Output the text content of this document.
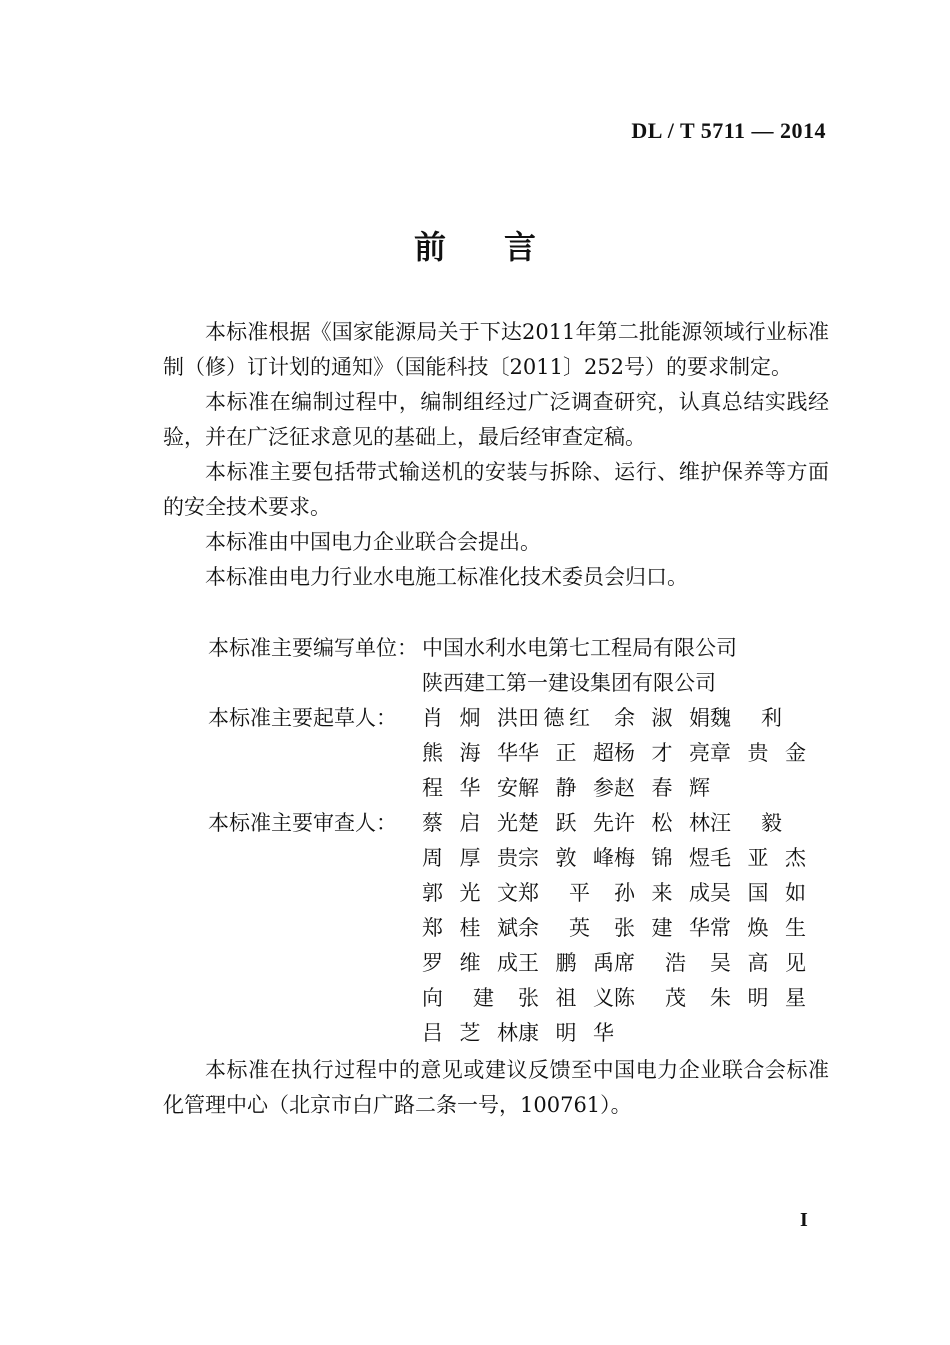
DL / T 5711 — 2014
前 言

本标准根据《国家能源局关于下达2011年第二批能源领域行业标准制（修）订计划的通知》（国能科技〔2011〕252号）的要求制定。

本标准在编制过程中，编制组经过广泛调查研究，认真总结实践经验，并在广泛征求意见的基础上，最后经审查定稿。

本标准主要包括带式输送机的安装与拆除、运行、维护保养等方面的安全技术要求。

本标准由中国电力企业联合会提出。

本标准由电力行业水电施工标准化技术委员会归口。

本标准主要编写单位： 中国水利水电第七工程局有限公司
陕西建工第一建设集团有限公司
本标准主要起草人：	肖炯洪田德红 余淑娟魏利
熊海华华正超杨才亮章贵金
程华安解静参赵春辉
本标准主要审查人：	蔡启光楚跃先许松林汪毅
周厚贵宗敦峰梅锦煜毛亚杰
郭光文郑平 孙来成吴国如
郑桂斌余英 张建华常焕生
罗维成王鹏禹席浩 吴高见
向建 张祖义陈茂 朱明星
吕芝林康明华

本标准在执行过程中的意见或建议反馈至中国电力企业联合会标准化管理中心（北京市白广路二条一号，100761）。

I
